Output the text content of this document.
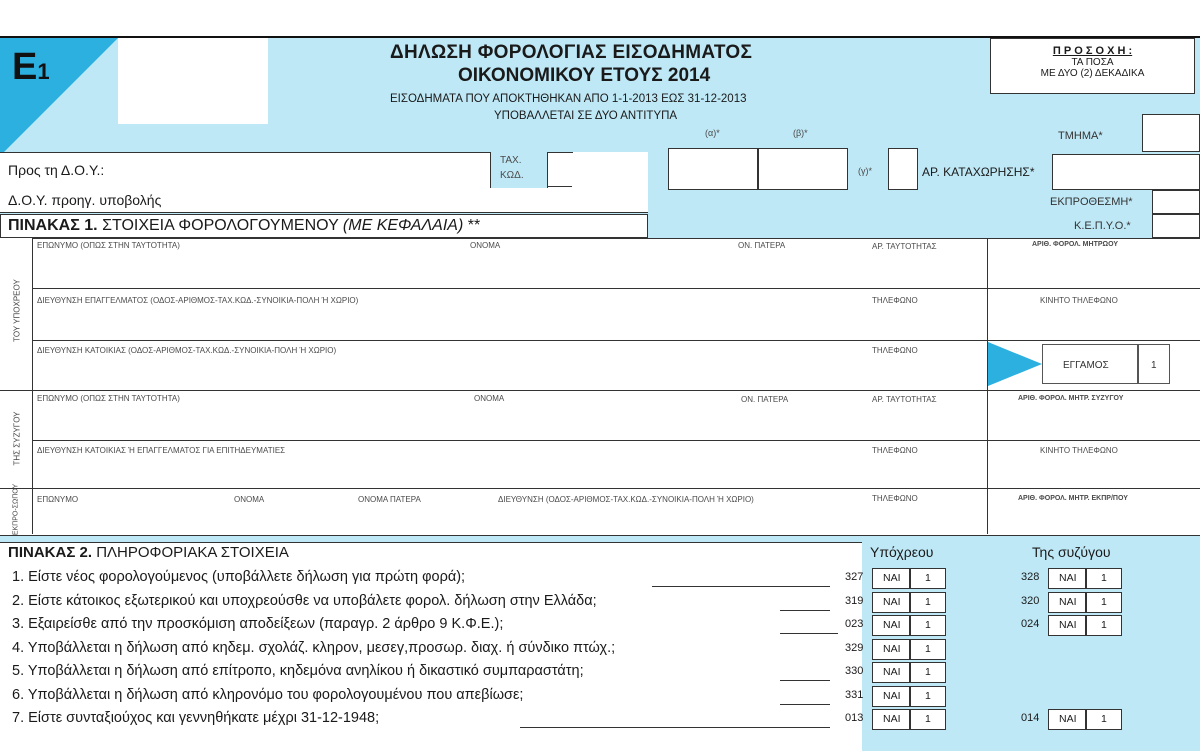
E1
ΔΗΛΩΣΗ ΦΟΡΟΛΟΓΙΑΣ ΕΙΣΟΔΗΜΑΤΟΣ
ΟΙΚΟΝΟΜΙΚΟΥ ΕΤΟΥΣ 2014
ΕΙΣΟΔΗΜΑΤΑ ΠΟΥ ΑΠΟΚΤΗΘΗΚΑΝ ΑΠΟ 1-1-2013 ΕΩΣ 31-12-2013
ΥΠΟΒΑΛΛΕΤΑΙ ΣΕ ΔΥΟ ΑΝΤΙΤΥΠΑ
Π Ρ Ο Σ Ο Χ Η :
ΤΑ ΠΟΣΑ
ΜΕ ΔΥΟ (2) ΔΕΚΑΔΙΚΑ
(α)*	(β)*	ΤΜΗΜΑ*
Προς τη Δ.Ο.Υ.:
ΤΑΧ.
ΚΩΔ.	(γ)*	ΑΡ. ΚΑΤΑΧΩΡΗΣΗΣ*
Δ.Ο.Υ. προηγ. υποβολής	ΕΚΠΡΟΘΕΣΜΗ*
Κ.Ε.Π.Υ.Ο.*
ΠΙΝΑΚΑΣ 1. ΣΤΟΙΧΕΙΑ ΦΟΡΟΛΟΓΟΥΜΕΝΟΥ (ΜΕ ΚΕΦΑΛΑΙΑ) **
ΤΟΥ ΥΠΟΧΡΕΟΥ
ΤΗΣ ΣΥΖΥΓΟΥ
ΕΚΠΡΟ-ΣΩΠΟΥ
ΕΠΩΝΥΜΟ (ΟΠΩΣ ΣΤΗΝ ΤΑΥΤΟΤΗΤΑ)	ΟΝΟΜΑ	ΟΝ. ΠΑΤΕΡΑ	ΑΡ. ΤΑΥΤΟΤΗΤΑΣ	ΑΡΙΘ. ΦΟΡΟΛ. ΜΗΤΡΩΟΥ
ΔΙΕΥΘΥΝΣΗ ΕΠΑΓΓΕΛΜΑΤΟΣ (ΟΔΟΣ-ΑΡΙΘΜΟΣ-ΤΑΧ.ΚΩΔ.-ΣΥΝΟΙΚΙΑ-ΠΟΛΗ Ή ΧΩΡΙΟ)	ΤΗΛΕΦΩΝΟ	ΚΙΝΗΤΟ ΤΗΛΕΦΩΝΟ
ΔΙΕΥΘΥΝΣΗ ΚΑΤΟΙΚΙΑΣ (ΟΔΟΣ-ΑΡΙΘΜΟΣ-ΤΑΧ.ΚΩΔ.-ΣΥΝΟΙΚΙΑ-ΠΟΛΗ Ή ΧΩΡΙΟ)	ΤΗΛΕΦΩΝΟ
ΕΓΓΑΜΟΣ	1
ΕΠΩΝΥΜΟ (ΟΠΩΣ ΣΤΗΝ ΤΑΥΤΟΤΗΤΑ)	ΟΝΟΜΑ	ΟΝ. ΠΑΤΕΡΑ	ΑΡ. ΤΑΥΤΟΤΗΤΑΣ	ΑΡΙΘ. ΦΟΡΟΛ. ΜΗΤΡ. ΣΥΖΥΓΟΥ
ΔΙΕΥΘΥΝΣΗ ΚΑΤΟΙΚΙΑΣ Ή ΕΠΑΓΓΕΛΜΑΤΟΣ ΓΙΑ ΕΠΙΤΗΔΕΥΜΑΤΙΕΣ	ΤΗΛΕΦΩΝΟ	ΚΙΝΗΤΟ ΤΗΛΕΦΩΝΟ
ΕΠΩΝΥΜΟ	ΟΝΟΜΑ	ΟΝΟΜΑ ΠΑΤΕΡΑ	ΔΙΕΥΘΥΝΣΗ (ΟΔΟΣ-ΑΡΙΘΜΟΣ-ΤΑΧ.ΚΩΔ.-ΣΥΝΟΙΚΙΑ-ΠΟΛΗ Ή ΧΩΡΙΟ)	ΤΗΛΕΦΩΝΟ	ΑΡΙΘ. ΦΟΡΟΛ. ΜΗΤΡ. ΕΚΠΡ/ΠΟΥ
ΠΙΝΑΚΑΣ 2. ΠΛΗΡΟΦΟΡΙΑΚΑ ΣΤΟΙΧΕΙΑ	Υπόχρεου	Της συζύγου
1. Είστε νέος φορολογούμενος (υποβάλλετε δήλωση για πρώτη φορά);	327 ΝΑΙ 1	328 ΝΑΙ 1
2. Είστε κάτοικος εξωτερικού και υποχρεούσθε να υποβάλετε φορολ. δήλωση στην Ελλάδα;	319 ΝΑΙ 1	320 ΝΑΙ 1
3. Εξαιρείσθε από την προσκόμιση αποδείξεων (παραγρ. 2 άρθρο 9 Κ.Φ.Ε.);	023 ΝΑΙ 1	024 ΝΑΙ 1
4. Υποβάλλεται η δήλωση από κηδεμ. σχολάζ. κληρον, μεσεγ,προσωρ. διαχ. ή σύνδικο πτώχ.;	329 ΝΑΙ 1
5. Υποβάλλεται η δήλωση από επίτροπο, κηδεμόνα ανηλίκου ή δικαστικό συμπαραστάτη;	330 ΝΑΙ 1
6. Υποβάλλεται η δήλωση από κληρονόμο του φορολογουμένου που απεβίωσε;	331 ΝΑΙ 1
7. Είστε συνταξιούχος και γεννηθήκατε μέχρι 31-12-1948;	013 ΝΑΙ 1	014 ΝΑΙ 1
